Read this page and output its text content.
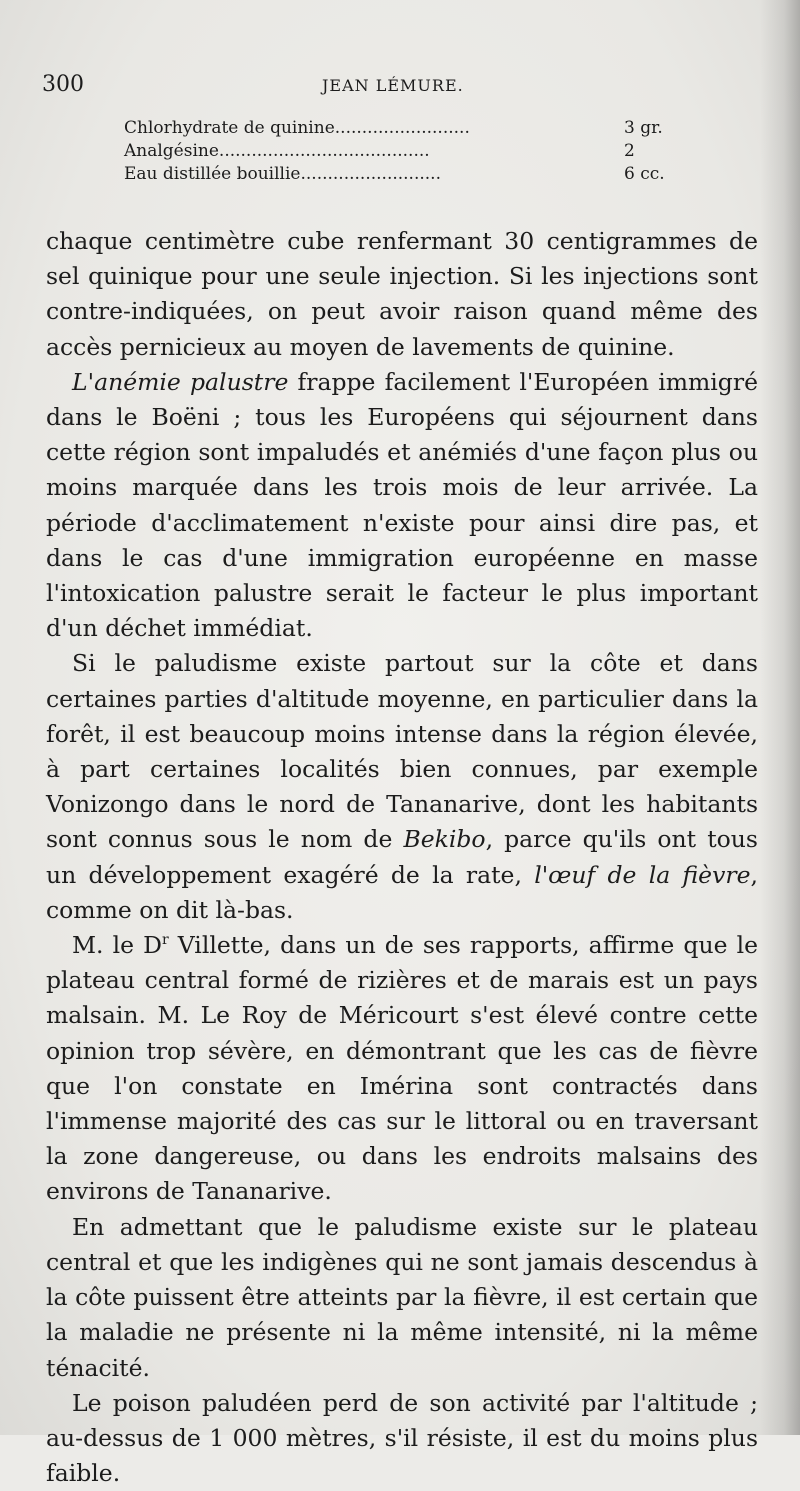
300	JEAN LÉMURE.
Chlorhydrate de quinine.........................	3 gr.
Analgésine.......................................	2
Eau distillée bouillie..........................	6 cc.

chaque centimètre cube renfermant 30 centigrammes de sel quinique pour une seule injection. Si les injections sont contre-indiquées, on peut avoir raison quand même des accès pernicieux au moyen de lavements de quinine.

L'anémie palustre frappe facilement l'Européen immigré dans le Boëni ; tous les Européens qui séjournent dans cette région sont impaludés et anémiés d'une façon plus ou moins marquée dans les trois mois de leur arrivée. La période d'acclimatement n'existe pour ainsi dire pas, et dans le cas d'une immigration européenne en masse l'intoxication palustre serait le facteur le plus important d'un déchet immédiat.

Si le paludisme existe partout sur la côte et dans certaines parties d'altitude moyenne, en particulier dans la forêt, il est beaucoup moins intense dans la région élevée, à part certaines localités bien connues, par exemple Vonizongo dans le nord de Tananarive, dont les habitants sont connus sous le nom de Bekibo, parce qu'ils ont tous un développement exagéré de la rate, l'œuf de la fièvre, comme on dit là-bas.

M. le $D^r$ Villette, dans un de ses rapports, affirme que le plateau central formé de rizières et de marais est un pays malsain. M. Le Roy de Méricourt s'est élevé contre cette opinion trop sévère, en démontrant que les cas de fièvre que l'on constate en Imérina sont contractés dans l'immense majorité des cas sur le littoral ou en traversant la zone dangereuse, ou dans les endroits malsains des environs de Tananarive.

En admettant que le paludisme existe sur le plateau central et que les indigènes qui ne sont jamais descendus à la côte puissent être atteints par la fièvre, il est certain que la maladie ne présente ni la même intensité, ni la même ténacité.

Le poison paludéen perd de son activité par l'altitude ; au-dessus de 1 000 mètres, s'il résiste, il est du moins plus faible.
